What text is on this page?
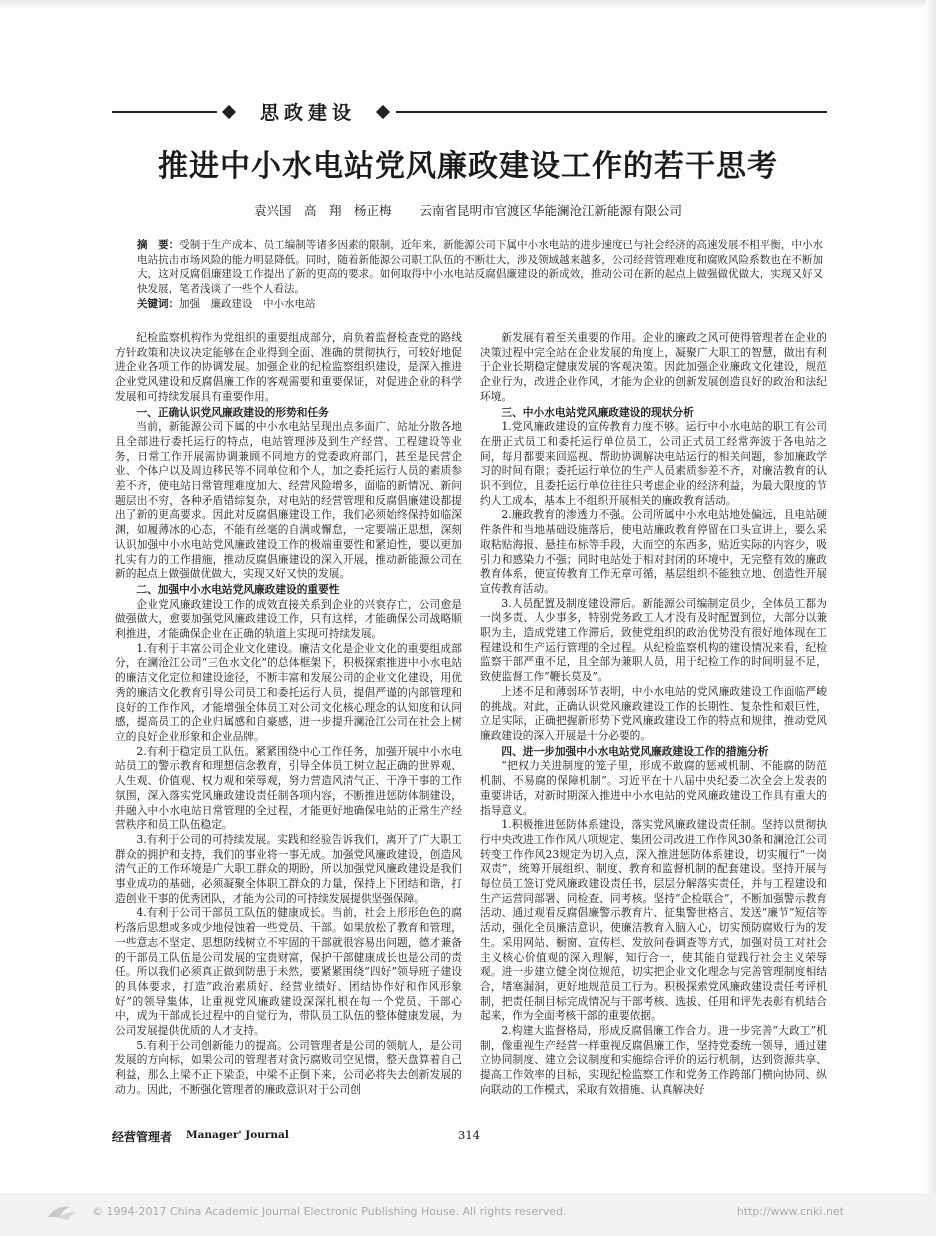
思政建设
推进中小水电站党风廉政建设工作的若干思考
袁兴国　高　翔　杨正梅 云南省昆明市官渡区华能澜沧江新能源有限公司
摘　要：受制于生产成本、员工编制等诸多因素的限制，近年来，新能源公司下属中小水电站的进步速度已与社会经济的高速发展不相平衡，中小水电站抗击市场风险的能力明显降低。同时，随着新能源公司职工队伍的不断壮大，涉及领域越来越多，公司经营管理难度和腐败风险系数也在不断加大，这对反腐倡廉建设工作提出了新的更高的要求。如何取得中小水电站反腐倡廉建设的新成效，推动公司在新的起点上做强做优做大，实现又好又快发展，笔者浅谈了一些个人看法。
关键词：加强　廉政建设　中小水电站

纪检监察机构作为党组织的重要组成部分，肩负着监督检查党的路线方针政策和决议决定能够在企业得到全面、准确的贯彻执行，可较好地促进企业各项工作的协调发展。加强企业的纪检监察组织建设，是深入推进企业党风建设和反腐倡廉工作的客观需要和重要保证，对促进企业的科学发展和可持续发展具有重要作用。

一、正确认识党风廉政建设的形势和任务

当前，新能源公司下属的中小水电站呈现出点多面广、站址分散各地且全部进行委托运行的特点，电站管理涉及到生产经营、工程建设等业务，日常工作开展需协调兼顾不同地方的党委政府部门，甚至是民营企业、个体户以及周边移民等不同单位和个人，加之委托运行人员的素质参差不齐，使电站日常管理难度加大、经营风险增多，面临的新情况、新问题层出不穷，各种矛盾错综复杂，对电站的经营管理和反腐倡廉建设都提出了新的更高要求。因此对反腐倡廉建设工作，我们必须始终保持如临深渊，如履薄冰的心态，不能有丝毫的自满或懈怠，一定要端正思想，深刻认识加强中小水电站党风廉政建设工作的极端重要性和紧迫性，要以更加扎实有力的工作措施，推动反腐倡廉建设的深入开展，推动新能源公司在新的起点上做强做优做大，实现又好又快的发展。

二、加强中小水电站党风廉政建设的重要性

企业党风廉政建设工作的成效直接关系到企业的兴衰存亡，公司愈是做强做大，愈要加强党风廉政建设工作，只有这样，才能确保公司战略顺利推进，才能确保企业在正确的轨道上实现可持续发展。

1.有利于丰富公司企业文化建设。廉洁文化是企业文化的重要组成部分，在澜沧江公司“三色水文化”的总体框架下，积极探索推进中小水电站的廉洁文化定位和建设途径，不断丰富和发展公司的企业文化建设，用优秀的廉洁文化教育引导公司员工和委托运行人员，提倡严谨的内部管理和良好的工作作风，才能增强全体员工对公司文化核心理念的认知度和认同感，提高员工的企业归属感和自豪感，进一步提升澜沧江公司在社会上树立的良好企业形象和企业品牌。

2.有利于稳定员工队伍。紧紧围绕中心工作任务，加强开展中小水电站员工的警示教育和理想信念教育，引导全体员工树立起正确的世界观、人生观、价值观、权力观和荣辱观，努力营造风清气正、干净干事的工作氛围，深入落实党风廉政建设责任制各项内容，不断推进惩防体制建设，并融入中小水电站日常管理的全过程，才能更好地确保电站的正常生产经营秩序和员工队伍稳定。

3.有利于公司的可持续发展。实践和经验告诉我们，离开了广大职工群众的拥护和支持，我们的事业将一事无成。加强党风廉政建设，创造风清气正的工作环境是广大职工群众的期盼，所以加强党风廉政建设是我们事业成功的基础，必须凝聚全体职工群众的力量，保持上下团结和谐，打造创业干事的优秀团队，才能为公司的可持续发展提供坚强保障。

4.有利于公司干部员工队伍的健康成长。当前，社会上形形色色的腐朽落后思想或多或少地侵蚀着一些党员、干部。如果放松了教育和管理，一些意志不坚定、思想防线树立不牢固的干部就很容易出问题，德才兼备的干部员工队伍是公司发展的宝贵财富，保护干部健康成长也是公司的责任。所以我们必须真正做到防患于未然，要紧紧围绕“四好”领导班子建设的具体要求，打造“政治素质好、经营业绩好、团结协作好和作风形象好”的领导集体，让重视党风廉政建设深深扎根在每一个党员、干部心中，成为干部成长过程中的自觉行为，带队员工队伍的整体健康发展，为公司发展提供优质的人才支持。

5.有利于公司创新能力的提高。公司管理者是公司的领航人，是公司发展的方向标，如果公司的管理者对贪污腐败司空见惯，整天盘算着自己利益，那么上梁不正下梁歪，中梁不正倒下来，公司必将失去创新发展的动力。因此，不断强化管理者的廉政意识对于公司创

新发展有着至关重要的作用。企业的廉政之风可使得管理者在企业的决策过程中完全站在企业发展的角度上，凝聚广大职工的智慧，做出有利于企业长期稳定健康发展的客观决策。因此加强企业廉政文化建设，规范企业行为，改进企业作风，才能为企业的创新发展创造良好的政治和法纪环境。

三、中小水电站党风廉政建设的现状分析

1.党风廉政建设的宣传教育力度不够。运行中小水电站的职工有公司在册正式员工和委托运行单位员工，公司正式员工经常奔波于各电站之间，每月都要来回巡视、帮助协调解决电站运行的相关问题，参加廉政学习的时间有限；委托运行单位的生产人员素质参差不齐，对廉洁教育的认识不到位，且委托运行单位往往只考虑企业的经济利益，为最大限度的节约人工成本，基本上不组织开展相关的廉政教育活动。

2.廉政教育的渗透力不强。公司所属中小水电站地处偏远，且电站硬件条件和当地基础设施落后，使电站廉政教育停留在口头宣讲上，要么采取粘贴海报、悬挂布标等手段，大而空的东西多，贴近实际的内容少，吸引力和感染力不强；同时电站处于相对封闭的环境中，无完整有效的廉政教育体系，使宣传教育工作无章可循，基层组织不能独立地、创造性开展宣传教育活动。

3.人员配置及制度建设滞后。新能源公司编制定员少，全体员工都为一岗多责、人少事多，特别党务政工人才没有及时配置到位，大部分以兼职为主，造成党建工作滞后，致使党组织的政治优势没有很好地体现在工程建设和生产运行管理的全过程。从纪检监察机构的建设情况来看，纪检监察干部严重不足，且全部为兼职人员，用于纪检工作的时间明显不足，致使监督工作“鞭长莫及”。

上述不足和薄弱环节表明，中小水电站的党风廉政建设工作面临严峻的挑战。对此，正确认识党风廉政建设工作的长期性、复杂性和艰巨性，立足实际，正确把握新形势下党风廉政建设工作的特点和规律，推动党风廉政建设的深入开展是十分必要的。

四、进一步加强中小水电站党风廉政建设工作的措施分析

“把权力关进制度的笼子里，形成不敢腐的惩戒机制、不能腐的防范机制、不易腐的保障机制”。习近平在十八届中央纪委二次全会上发表的重要讲话，对新时期深入推进中小水电站的党风廉政建设工作具有重大的指导意义。

1.积极推进惩防体系建设，落实党风廉政建设责任制。坚持以贯彻执行中央改进工作作风八项规定、集团公司改进工作作风30条和澜沧江公司转变工作作风23规定为切入点，深入推进惩防体系建设，切实履行“一岗双责”，统筹开展组织、制度、教育和监督机制的配套建设。坚持开展与每位员工签订党风廉政建设责任书，层层分解落实责任，并与工程建设和生产运营同部署、同检查、同考核。坚持“企检联合”，不断加强警示教育活动、通过观看反腐倡廉警示教育片、征集警世格言、发送“廉节”短信等活动，强化全员廉洁意识，使廉洁教育入脑入心，切实预防腐败行为的发生。采用网站、橱窗、宣传栏、发放问卷调查等方式，加强对员工对社会主义核心价值观的深入理解，知行合一，使其能自觉践行社会主义荣辱观。进一步建立健全岗位规范，切实把企业文化理念与完善管理制度相结合，堵塞漏洞，更好地规范员工行为。积极探索党风廉政建设责任考评机制，把责任制目标完成情况与干部考核、选拔、任用和评先表彰有机结合起来，作为全面考核干部的重要依据。

2.构建大监督格局，形成反腐倡廉工作合力。进一步完善“大政工”机制，像重视生产经营一样重视反腐倡廉工作，坚持党委统一领导，通过建立协同制度、建立会议制度和实施综合评价的运行机制，达到资源共享、提高工作效率的目标，实现纪检监察工作和党务工作跨部门横向协同、纵向联动的工作模式，采取有效措施、认真解决好

经营管理者 Manager' Journal	314
© 1994-2017 China Academic Journal Electronic Publishing House. All rights reserved.	http://www.cnki.net
